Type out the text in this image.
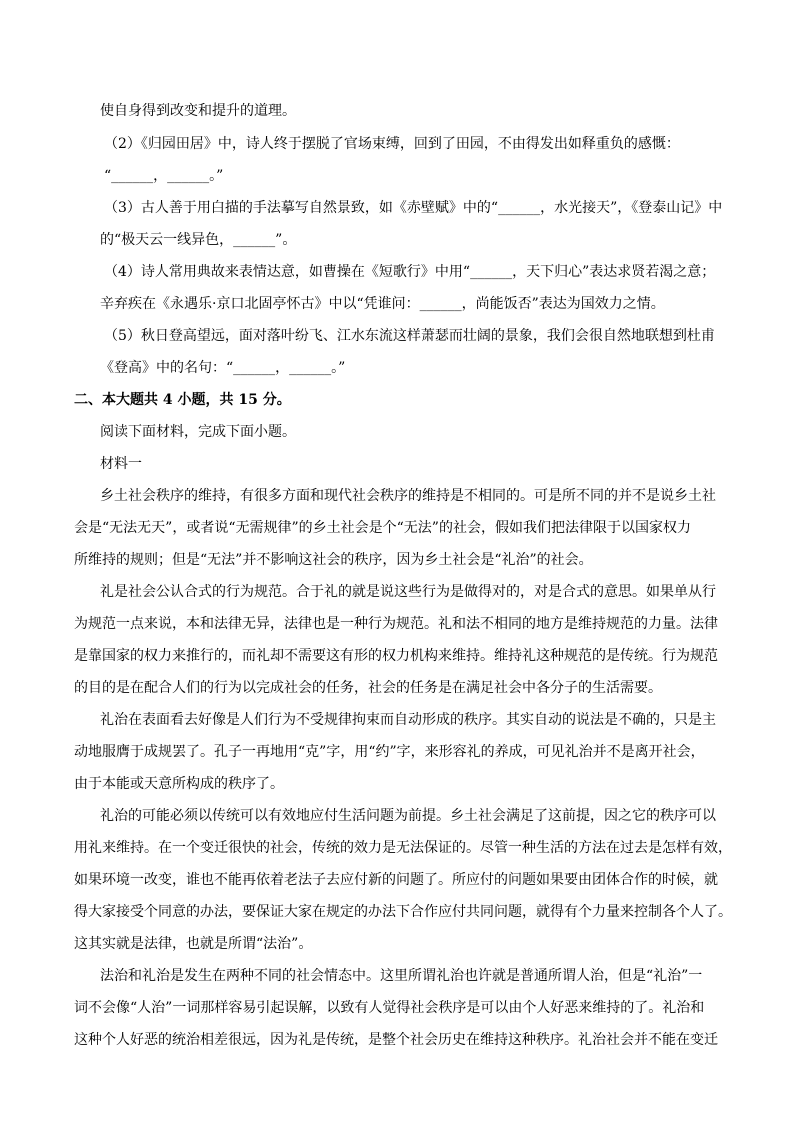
使自身得到改变和提升的道理。
（2）《归园田居》中，诗人终于摆脱了官场束缚，回到了田园，不由得发出如释重负的感慨：
“______，______。”
（3）古人善于用白描的手法摹写自然景致，如《赤壁赋》中的“______，水光接天”，《登泰山记》中
的“极天云一线异色，______”。
（4）诗人常用典故来表情达意，如曹操在《短歌行》中用“______，天下归心”表达求贤若渴之意；
辛弃疾在《永遇乐·京口北固亭怀古》中以“凭谁问：______，尚能饭否”表达为国效力之情。
（5）秋日登高望远，面对落叶纷飞、江水东流这样萧瑟而壮阔的景象，我们会很自然地联想到杜甫
《登高》中的名句：“______，______。”
二、本大题共 4 小题，共 15 分。
阅读下面材料，完成下面小题。
材料一
乡土社会秩序的维持，有很多方面和现代社会秩序的维持是不相同的。可是所不同的并不是说乡土社
会是“无法无天”，或者说“无需规律”的乡土社会是个“无法”的社会，假如我们把法律限于以国家权力
所维持的规则；但是“无法”并不影响这社会的秩序，因为乡土社会是“礼治”的社会。
礼是社会公认合式的行为规范。合于礼的就是说这些行为是做得对的，对是合式的意思。如果单从行
为规范一点来说，本和法律无异，法律也是一种行为规范。礼和法不相同的地方是维持规范的力量。法律
是靠国家的权力来推行的，而礼却不需要这有形的权力机构来维持。维持礼这种规范的是传统。行为规范
的目的是在配合人们的行为以完成社会的任务，社会的任务是在满足社会中各分子的生活需要。
礼治在表面看去好像是人们行为不受规律拘束而自动形成的秩序。其实自动的说法是不确的，只是主
动地服膺于成规罢了。孔子一再地用“克”字，用“约”字，来形容礼的养成，可见礼治并不是离开社会，
由于本能或天意所构成的秩序了。
礼治的可能必须以传统可以有效地应付生活问题为前提。乡土社会满足了这前提，因之它的秩序可以
用礼来维持。在一个变迁很快的社会，传统的效力是无法保证的。尽管一种生活的方法在过去是怎样有效，
如果环境一改变，谁也不能再依着老法子去应付新的问题了。所应付的问题如果要由团体合作的时候，就
得大家接受个同意的办法，要保证大家在规定的办法下合作应付共同问题，就得有个力量来控制各个人了。
这其实就是法律，也就是所谓“法治”。
法治和礼治是发生在两种不同的社会情态中。这里所谓礼治也许就是普通所谓人治，但是“礼治”一
词不会像“人治”一词那样容易引起误解，以致有人觉得社会秩序是可以由个人好恶来维持的了。礼治和
这种个人好恶的统治相差很远，因为礼是传统，是整个社会历史在维持这种秩序。礼治社会并不能在变迁
